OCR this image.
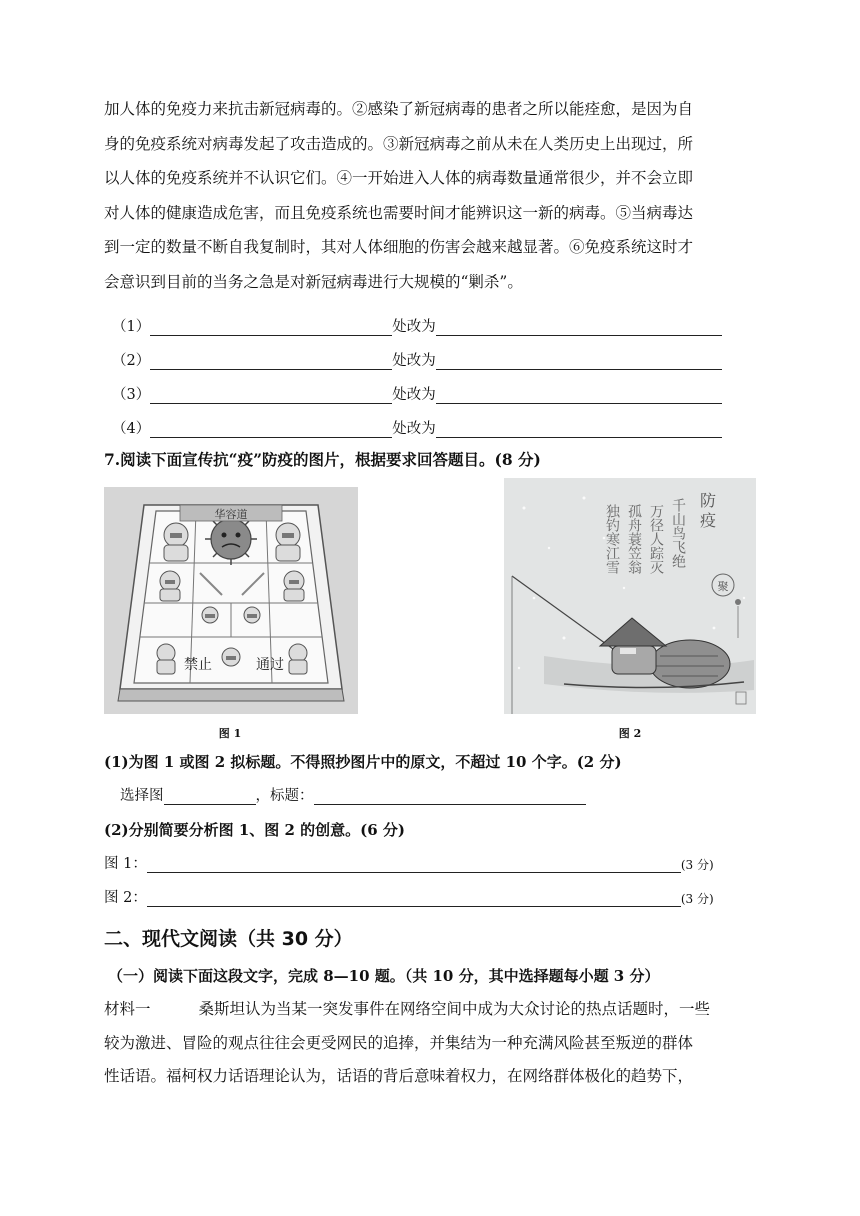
加人体的免疫力来抗击新冠病毒的。②感染了新冠病毒的患者之所以能痊愈，是因为自
身的免疫系统对病毒发起了攻击造成的。③新冠病毒之前从未在人类历史上出现过，所
以人体的免疫系统并不认识它们。④一开始进入人体的病毒数量通常很少，并不会立即
对人体的健康造成危害，而且免疫系统也需要时间才能辨识这一新的病毒。⑤当病毒达
到一定的数量不断自我复制时，其对人体细胞的伤害会越来越显著。⑥免疫系统这时才
会意识到目前的当务之急是对新冠病毒进行大规模的“剿杀”。
（1）	处改为
（2）	处改为
（3）	处改为
（4）	处改为
7.阅读下面宣传抗“疫”防疫的图片，根据要求回答题目。(8 分)
华容道
禁止	通过
图 1
防 疫
千山鸟飞绝
万径人踪灭
孤舟蓑笠翁
独钓寒江雪
聚
图 2
(1)为图 1 或图 2 拟标题。不得照抄图片中的原文，不超过 10 个字。(2 分)
选择图	，标题：
(2)分别简要分析图 1、图 2 的创意。(6 分)
图 1：	(3 分)
图 2：	(3 分)
二、现代文阅读（共 30 分）
（一）阅读下面这段文字，完成 8—10 题。（共 10 分，其中选择题每小题 3 分）
材料一	桑斯坦认为当某一突发事件在网络空间中成为大众讨论的热点话题时，一些
较为激进、冒险的观点往往会更受网民的追捧，并集结为一种充满风险甚至叛逆的群体
性话语。福柯权力话语理论认为，话语的背后意味着权力，在网络群体极化的趋势下，
